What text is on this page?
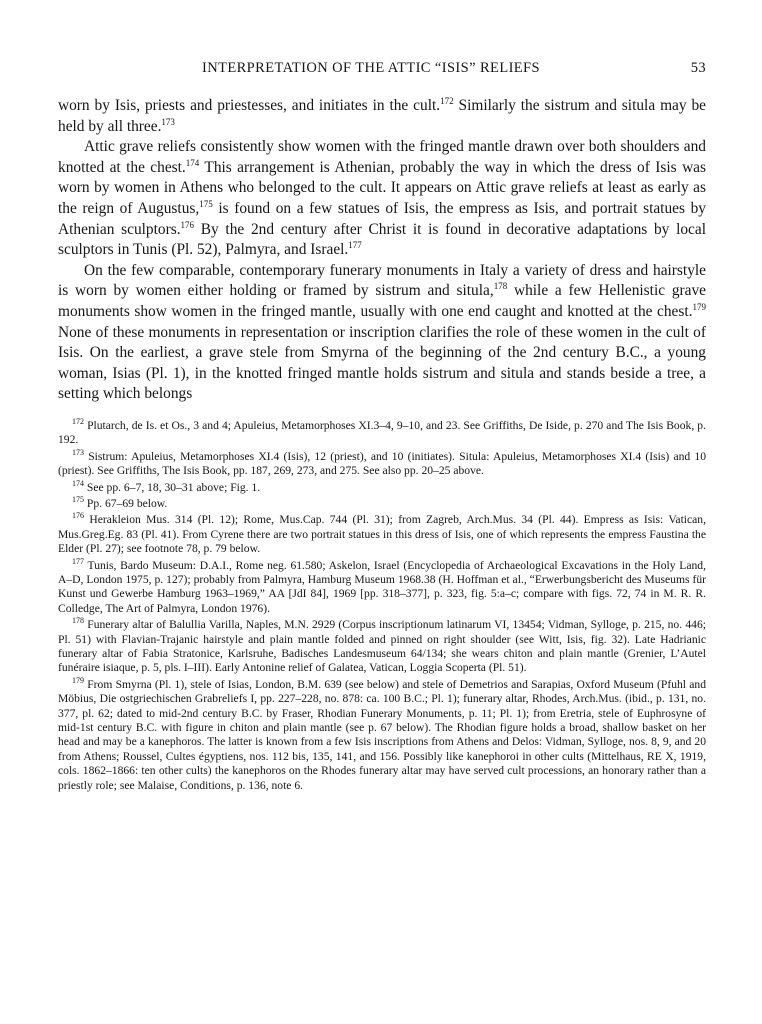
INTERPRETATION OF THE ATTIC “ISIS” RELIEFS	53

worn by Isis, priests and priestesses, and initiates in the cult.$^{172}$ Similarly the sistrum and situla may be held by all three.$^{173}$

Attic grave reliefs consistently show women with the fringed mantle drawn over both shoulders and knotted at the chest.$^{174}$ This arrangement is Athenian, probably the way in which the dress of Isis was worn by women in Athens who belonged to the cult. It appears on Attic grave reliefs at least as early as the reign of Augustus,$^{175}$ is found on a few statues of Isis, the empress as Isis, and portrait statues by Athenian sculptors.$^{176}$ By the 2nd century after Christ it is found in decorative adaptations by local sculptors in Tunis (Pl. 52), Palmyra, and Israel.$^{177}$

On the few comparable, contemporary funerary monuments in Italy a variety of dress and hairstyle is worn by women either holding or framed by sistrum and situla,$^{178}$ while a few Hellenistic grave monuments show women in the fringed mantle, usually with one end caught and knotted at the chest.$^{179}$ None of these monuments in representation or inscription clarifies the role of these women in the cult of Isis. On the earliest, a grave stele from Smyrna of the beginning of the 2nd century B.C., a young woman, Isias (Pl. 1), in the knotted fringed mantle holds sistrum and situla and stands beside a tree, a setting which belongs

$^{172}$ Plutarch, de Is. et Os., 3 and 4; Apuleius, Metamorphoses XI.3–4, 9–10, and 23. See Griffiths, De Iside, p. 270 and The Isis Book, p. 192.

$^{173}$ Sistrum: Apuleius, Metamorphoses XI.4 (Isis), 12 (priest), and 10 (initiates). Situla: Apuleius, Metamorphoses XI.4 (Isis) and 10 (priest). See Griffiths, The Isis Book, pp. 187, 269, 273, and 275. See also pp. 20–25 above.

$^{174}$ See pp. 6–7, 18, 30–31 above; Fig. 1.

$^{175}$ Pp. 67–69 below.

$^{176}$ Herakleion Mus. 314 (Pl. 12); Rome, Mus.Cap. 744 (Pl. 31); from Zagreb, Arch.Mus. 34 (Pl. 44). Empress as Isis: Vatican, Mus.Greg.Eg. 83 (Pl. 41). From Cyrene there are two portrait statues in this dress of Isis, one of which represents the empress Faustina the Elder (Pl. 27); see footnote 78, p. 79 below.

$^{177}$ Tunis, Bardo Museum: D.A.I., Rome neg. 61.580; Askelon, Israel (Encyclopedia of Archaeological Excavations in the Holy Land, A–D, London 1975, p. 127); probably from Palmyra, Hamburg Museum 1968.38 (H. Hoffman et al., “Erwerbungsbericht des Museums für Kunst und Gewerbe Hamburg 1963–1969,” AA [JdI 84], 1969 [pp. 318–377], p. 323, fig. 5:a–c; compare with figs. 72, 74 in M. R. R. Colledge, The Art of Palmyra, London 1976).

$^{178}$ Funerary altar of Balullia Varilla, Naples, M.N. 2929 (Corpus inscriptionum latinarum VI, 13454; Vidman, Sylloge, p. 215, no. 446; Pl. 51) with Flavian-Trajanic hairstyle and plain mantle folded and pinned on right shoulder (see Witt, Isis, fig. 32). Late Hadrianic funerary altar of Fabia Stratonice, Karlsruhe, Badisches Landesmuseum 64/134; she wears chiton and plain mantle (Grenier, L’Autel funéraire isiaque, p. 5, pls. I–III). Early Antonine relief of Galatea, Vatican, Loggia Scoperta (Pl. 51).

$^{179}$ From Smyrna (Pl. 1), stele of Isias, London, B.M. 639 (see below) and stele of Demetrios and Sarapias, Oxford Museum (Pfuhl and Möbius, Die ostgriechischen Grabreliefs I, pp. 227–228, no. 878: ca. 100 B.C.; Pl. 1); funerary altar, Rhodes, Arch.Mus. (ibid., p. 131, no. 377, pl. 62; dated to mid-2nd century B.C. by Fraser, Rhodian Funerary Monuments, p. 11; Pl. 1); from Eretria, stele of Euphrosyne of mid-1st century B.C. with figure in chiton and plain mantle (see p. 67 below). The Rhodian figure holds a broad, shallow basket on her head and may be a kanephoros. The latter is known from a few Isis inscriptions from Athens and Delos: Vidman, Sylloge, nos. 8, 9, and 20 from Athens; Roussel, Cultes égyptiens, nos. 112 bis, 135, 141, and 156. Possibly like kanephoroi in other cults (Mittelhaus, RE X, 1919, cols. 1862–1866: ten other cults) the kanephoros on the Rhodes funerary altar may have served cult processions, an honorary rather than a priestly role; see Malaise, Conditions, p. 136, note 6.
